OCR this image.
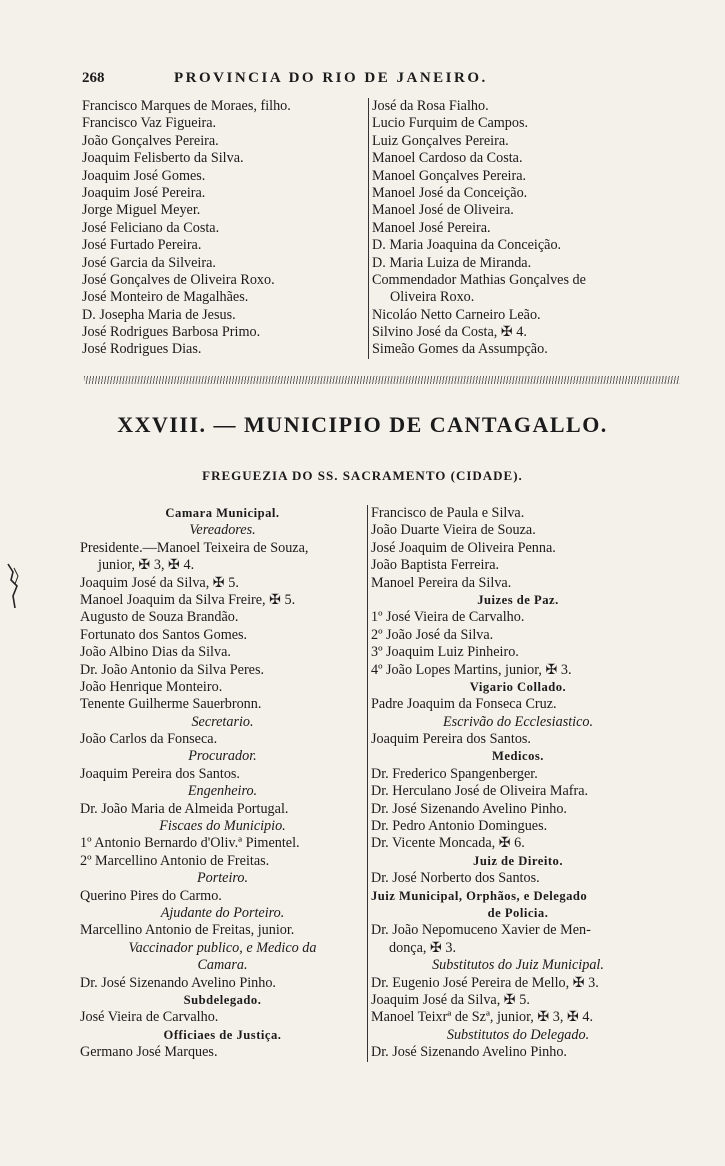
268	PROVINCIA DO RIO DE JANEIRO.
Francisco Marques de Moraes, filho.
Francisco Vaz Figueira.
João Gonçalves Pereira.
Joaquim Felisberto da Silva.
Joaquim José Gomes.
Joaquim José Pereira.
Jorge Miguel Meyer.
José Feliciano da Costa.
José Furtado Pereira.
José Garcia da Silveira.
José Gonçalves de Oliveira Roxo.
José Monteiro de Magalhães.
D. Josepha Maria de Jesus.
José Rodrigues Barbosa Primo.
José Rodrigues Dias.
José da Rosa Fialho.
Lucio Furquim de Campos.
Luiz Gonçalves Pereira.
Manoel Cardoso da Costa.
Manoel Gonçalves Pereira.
Manoel José da Conceição.
Manoel José de Oliveira.
Manoel José Pereira.
D. Maria Joaquina da Conceição.
D. Maria Luiza de Miranda.
Commendador Mathias Gonçalves de
Oliveira Roxo.
Nicoláo Netto Carneiro Leão.
Silvino José da Costa, ✠ 4.
Simeão Gomes da Assumpção.
XXVIII. — MUNICIPIO DE CANTAGALLO.
FREGUEZIA DO SS. SACRAMENTO (CIDADE).
Camara Municipal.
Vereadores.
Presidente.—Manoel Teixeira de Souza,
junior, ✠ 3, ✠ 4.
Joaquim José da Silva, ✠ 5.
Manoel Joaquim da Silva Freire, ✠ 5.
Augusto de Souza Brandão.
Fortunato dos Santos Gomes.
João Albino Dias da Silva.
Dr. João Antonio da Silva Peres.
João Henrique Monteiro.
Tenente Guilherme Sauerbronn.
Secretario.
João Carlos da Fonseca.
Procurador.
Joaquim Pereira dos Santos.
Engenheiro.
Dr. João Maria de Almeida Portugal.
Fiscaes do Municipio.
1º Antonio Bernardo d'Oliv.ª Pimentel.
2º Marcellino Antonio de Freitas.
Porteiro.
Querino Pires do Carmo.
Ajudante do Porteiro.
Marcellino Antonio de Freitas, junior.
Vaccinador publico, e Medico da
Camara.
Dr. José Sizenando Avelino Pinho.
Subdelegado.
José Vieira de Carvalho.
Officiaes de Justiça.
Germano José Marques.
Francisco de Paula e Silva.
João Duarte Vieira de Souza.
José Joaquim de Oliveira Penna.
João Baptista Ferreira.
Manoel Pereira da Silva.
Juizes de Paz.
1º José Vieira de Carvalho.
2º João José da Silva.
3º Joaquim Luiz Pinheiro.
4º João Lopes Martins, junior, ✠ 3.
Vigario Collado.
Padre Joaquim da Fonseca Cruz.
Escrivão do Ecclesiastico.
Joaquim Pereira dos Santos.
Medicos.
Dr. Frederico Spangenberger.
Dr. Herculano José de Oliveira Mafra.
Dr. José Sizenando Avelino Pinho.
Dr. Pedro Antonio Domingues.
Dr. Vicente Moncada, ✠ 6.
Juiz de Direito.
Dr. José Norberto dos Santos.
Juiz Municipal, Orphãos, e Delegado
de Policia.
Dr. João Nepomuceno Xavier de Men-
donça, ✠ 3.
Substitutos do Juiz Municipal.
Dr. Eugenio José Pereira de Mello, ✠ 3.
Joaquim José da Silva, ✠ 5.
Manoel Teixrª de Szª, junior, ✠ 3, ✠ 4.
Substitutos do Delegado.
Dr. José Sizenando Avelino Pinho.
